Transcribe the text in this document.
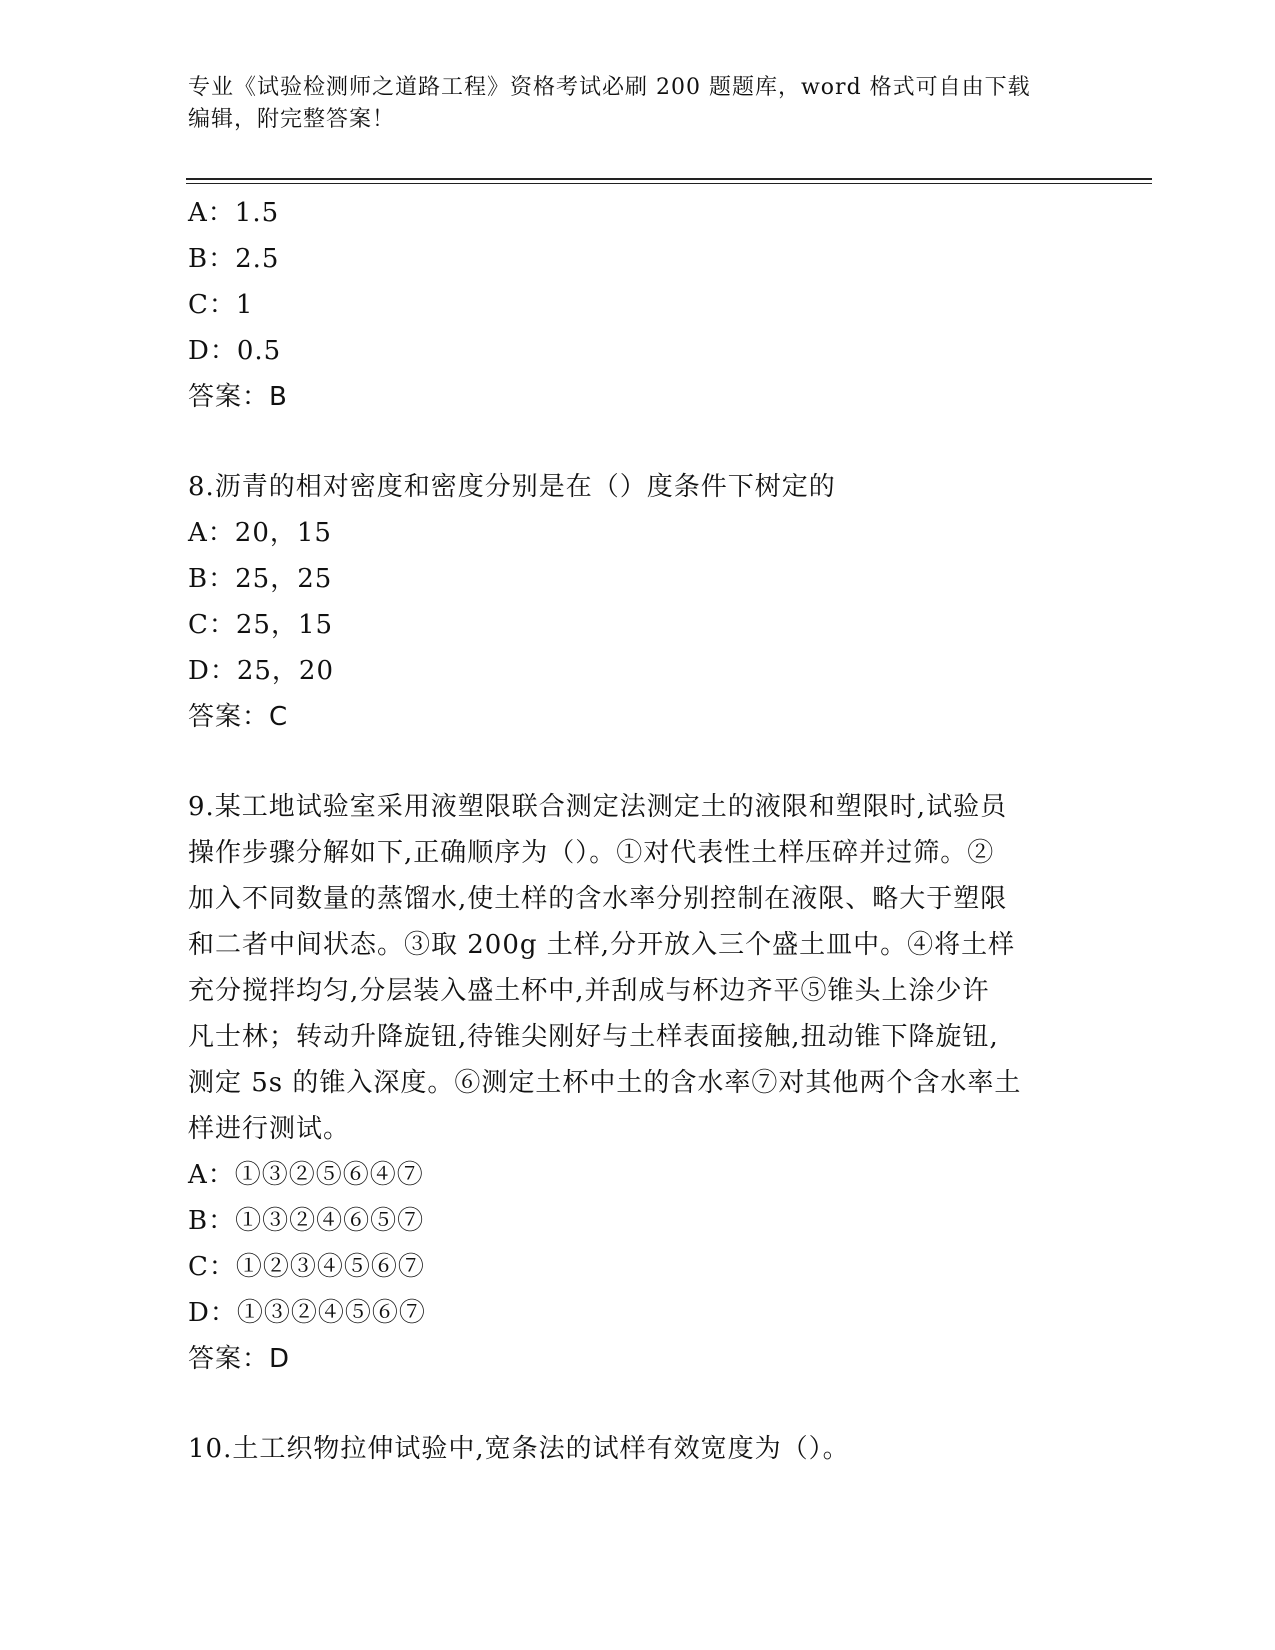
专业《试验检测师之道路工程》资格考试必刷 200 题题库，word 格式可自由下载
编辑，附完整答案！
A：1.5
B：2.5
C：1
D：0.5
答案：B
8.沥青的相对密度和密度分别是在（）度条件下树定的
A：20，15
B：25，25
C：25，15
D：25，20
答案：C
9.某工地试验室采用液塑限联合测定法测定土的液限和塑限时,试验员
操作步骤分解如下,正确顺序为（）。①对代表性土样压碎并过筛。②
加入不同数量的蒸馏水,使土样的含水率分别控制在液限、略大于塑限
和二者中间状态。③取 200g 土样,分开放入三个盛土皿中。④将土样
充分搅拌均匀,分层装入盛土杯中,并刮成与杯边齐平⑤锥头上涂少许
凡士林；转动升降旋钮,待锥尖刚好与土样表面接触,扭动锥下降旋钮,
测定 5s 的锥入深度。⑥测定土杯中土的含水率⑦对其他两个含水率土
样进行测试。
A：①③②⑤⑥④⑦
B：①③②④⑥⑤⑦
C：①②③④⑤⑥⑦
D：①③②④⑤⑥⑦
答案：D
10.土工织物拉伸试验中,宽条法的试样有效宽度为（）。
